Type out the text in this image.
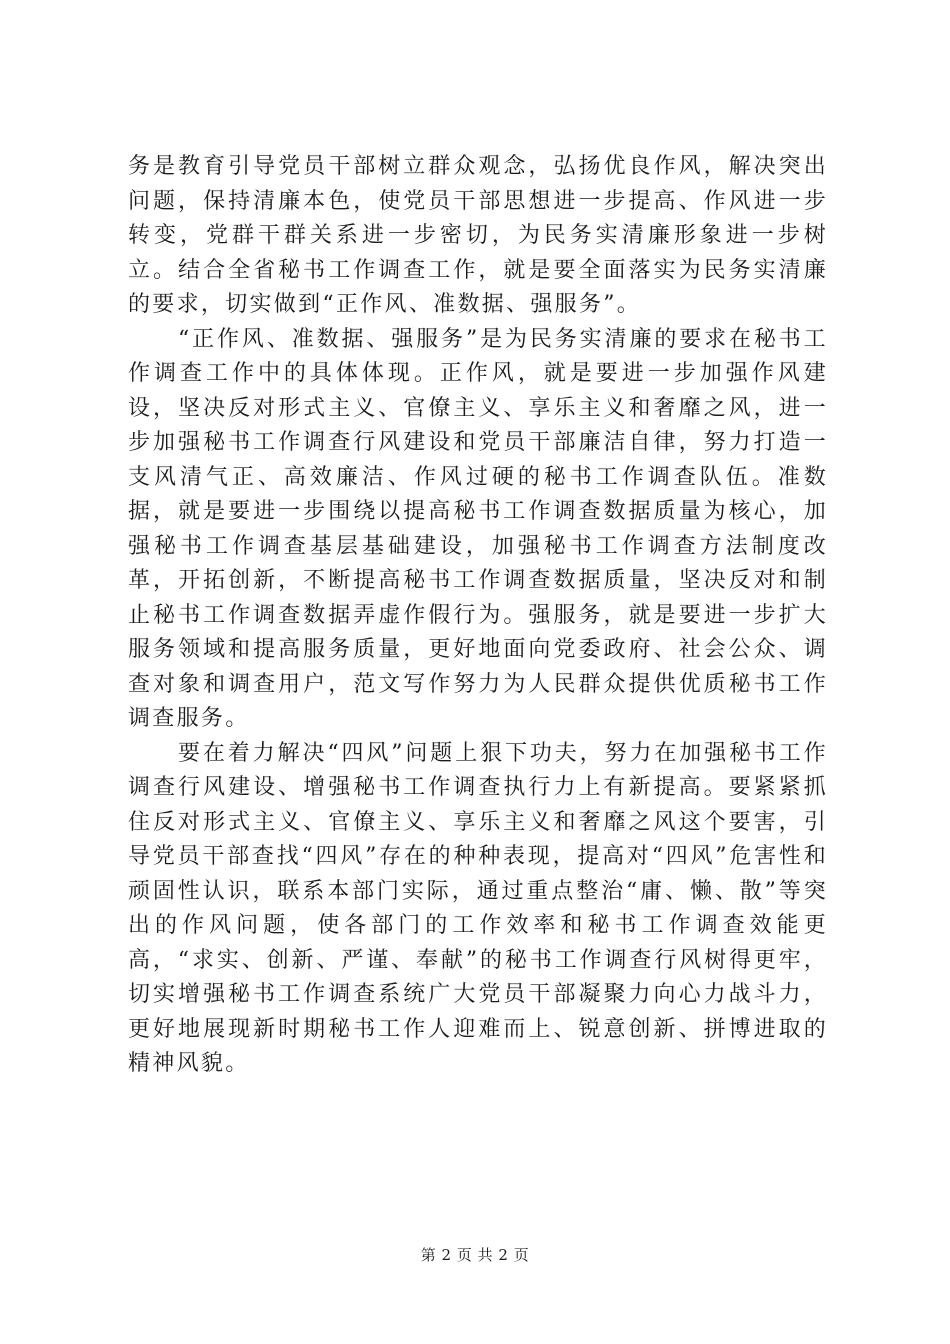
务是教育引导党员干部树立群众观念，弘扬优良作风，解决突出问题，保持清廉本色，使党员干部思想进一步提高、作风进一步转变，党群干群关系进一步密切，为民务实清廉形象进一步树立。结合全省秘书工作调查工作，就是要全面落实为民务实清廉的要求，切实做到“正作风、准数据、强服务”。

“正作风、准数据、强服务”是为民务实清廉的要求在秘书工作调查工作中的具体体现。正作风，就是要进一步加强作风建设，坚决反对形式主义、官僚主义、享乐主义和奢靡之风，进一步加强秘书工作调查行风建设和党员干部廉洁自律，努力打造一支风清气正、高效廉洁、作风过硬的秘书工作调查队伍。准数据，就是要进一步围绕以提高秘书工作调查数据质量为核心，加强秘书工作调查基层基础建设，加强秘书工作调查方法制度改革，开拓创新，不断提高秘书工作调查数据质量，坚决反对和制止秘书工作调查数据弄虚作假行为。强服务，就是要进一步扩大服务领域和提高服务质量，更好地面向党委政府、社会公众、调查对象和调查用户，范文写作努力为人民群众提供优质秘书工作调查服务。

要在着力解决“四风”问题上狠下功夫，努力在加强秘书工作调查行风建设、增强秘书工作调查执行力上有新提高。要紧紧抓住反对形式主义、官僚主义、享乐主义和奢靡之风这个要害，引导党员干部查找“四风”存在的种种表现，提高对“四风”危害性和顽固性认识，联系本部门实际，通过重点整治“庸、懒、散”等突出的作风问题，使各部门的工作效率和秘书工作调查效能更高，“求实、创新、严谨、奉献”的秘书工作调查行风树得更牢，切实增强秘书工作调查系统广大党员干部凝聚力向心力战斗力，更好地展现新时期秘书工作人迎难而上、锐意创新、拼博进取的精神风貌。

第 2 页 共 2 页
